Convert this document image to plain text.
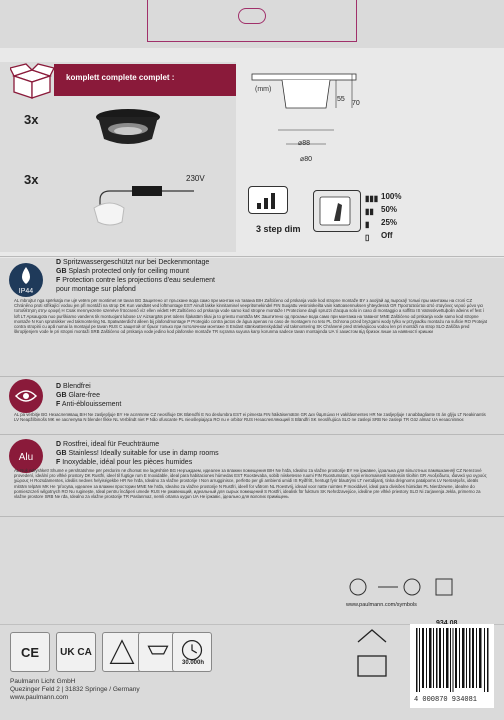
komplett complete complet :
3x
3x	230V
(mm)
55
70
⌀88
⌀80
3 step dim
▮▮▮ 100%
▮▮ 50%
▮	25%
▯	Off
IP44
D Spritzwassergeschützt nur bei Deckenmontage
GB Splash protected only for ceiling mount
F Protection contre les projections d'eau seulement
pour montage sur plafond
AL mbrojtur nga spërkatja me ujë vetëm për montimet në tavan BG Защитено от пръскане вода само при монтаж на тавана BIH Zaštićeno od prskanja vode kod stropne montaže BY з ахоўай ад пырскаў толькі пры мантажы на столі CZ Chráněno proti stříkající vodou jen při montáži na strop DK Kun vandtæt ved loftmontage EST Ainult lakke kinnitamisel veepritsmekindel FIN Suojattu vesiroiskeilta vain kattoasennuksen yhteydessä GR Προστατεύεται από σταγόνες νερού μόνο για τοποθέτηση στην οροφή H Csak mennyezetre szerelve fröccsenő víz ellen védett HR Zaštićeno od prskanja vode samo kod stropne montaže I Protezione dagli spruzzi d'acqua solo in caso di montaggio a soffitto IS Vatnsskvettuþolin aðeins ef fest í loft LT Apsaugota nuo purškiamo vandens tik montuojant lubose LV Aizsargāts pret ūdens šļakatām tikai ja to griestu montāža MK Заштитено од прскање вода само при монтажа на таванот MNE Zaštićeno od prskanja vode samo kod stropne montaže N Kun sprutsikker ved takmontering NL Spatwaterdicht alleen bij plafondmontage P Protegido contra jactos de água apenas no caso de montagem no teto PL Ochrona przed bryzgami wody tylko w przypadku montażu na suficie RO Protejat contra stropirii cu apă numai la montajul pe tavan RUS С защитой от брызг только при потолочном монтаже S Endast stänkvattenskyddad vid takmontering SK Chránené pred striekajúcou vodou len pri montáži na strop SLO Zaščita pred škropljenjem vode le pri stropni montaži SRB Zaštićeno od prskanja vode jedino kod plafonske montaže TR sıçrama suyuna karşı korunma sadece tavan montajında UA ті захистом від бризок лише за наявності кришки
D Blendfrei
GB Glare-free
F Anti-éblouissement
AL pa verbitje BG Незаслепяващ BIH Ne zasljepljuje BY Не асляпляе CZ neoslňuje DK Blændfri E No deslumbra EST ei pimesta FIN häikäisemätön GR Δεν θαμπώνει H vakításmentes HR Ne zasljepljuje I anabbagliante IS án glýju LT Neakinantis LV Neapžilbinošs MK не заслепува N blender fikke NL Verblindt niet P Não ofuscante PL nieoślepiająca RO nu e orbitor RUS Незаслепляющий S Bländfri SK neoslňujúca SLO ne zaslepi SRB Ne zaslepi TR Göz almaz UA незасліплює
Alu
D Rostfrei, ideal für Feuchträume
GB Stainless! Ideally suitable for use in damp rooms
F Inoxydable, idéal pour les pièces humides
AL Nuk ndryshket! Shumë e përshtatshme për përdorim në dhomat me lagështirë BG Неръждаем, идеален за влажни помещения BIH Ne hrđa, Idealno za vlažne prostorije BY Не іржавее, ідэальна для вільготных памяшканняў CZ Nerezové provedení, ideální pro vlhké prostory DK Rustfri, ideel til fugtige rum E Inoxidable, ideal para habitaciones húmedas EST Roostevaba, sobib niisketesse ruumi FIN Ruostumaton, sopii erinomaisesti kosteisiin tiloihin GR Ανοξείδωτο, ιδανικό για υγρούς χώρους H Rozsdamentes, ideális nedves helyiségekbe HR Ne hrđa, Idealno za vlažne prostorije I Non arrugginisce, perfetto per gli ambienti umidi IS Ryðfrítt, hentugt fyrir blautrými LT nerūdijantį, tinka drėgnoms patalpoms LV Nerūsējošs, ideāls mitrām telpām MK Не ‘рѓосува, идеален за влажни простории MNE Ne hrđa, Idealno za vlažne prostorije N Rustfri, ideell for våtrom NL Roestvrij, ideaal voor natte ruimtes P Inoxidável, ideal para divisões húmidas PL Nierdzewne, idealne do pomieszczeń wilgotnych RO Nu ruginește, Ideal pentru încăperi umede RUS Не ржавеющий, идеальный для сырых помещений S Rostfri, idealisk för fuktrum SK Nehrdzavejúce, ideálne pre vlhké priestory SLO Ni zarjavenja Jekla, primerno za vlažne prostore SRB Ne rđa, Idealno za vlažne prostorije TR Paslanmaz, nemli ortama uygun UA Не іржавіє, ідеально для вологих приміщень
www.paulmann.com/symbols
CE	UK CA
30.000h
4 000870 934081
Paulmann Licht GmbH
Quezinger Feld 2 | 31832 Springe / Germany
www.paulmann.com
